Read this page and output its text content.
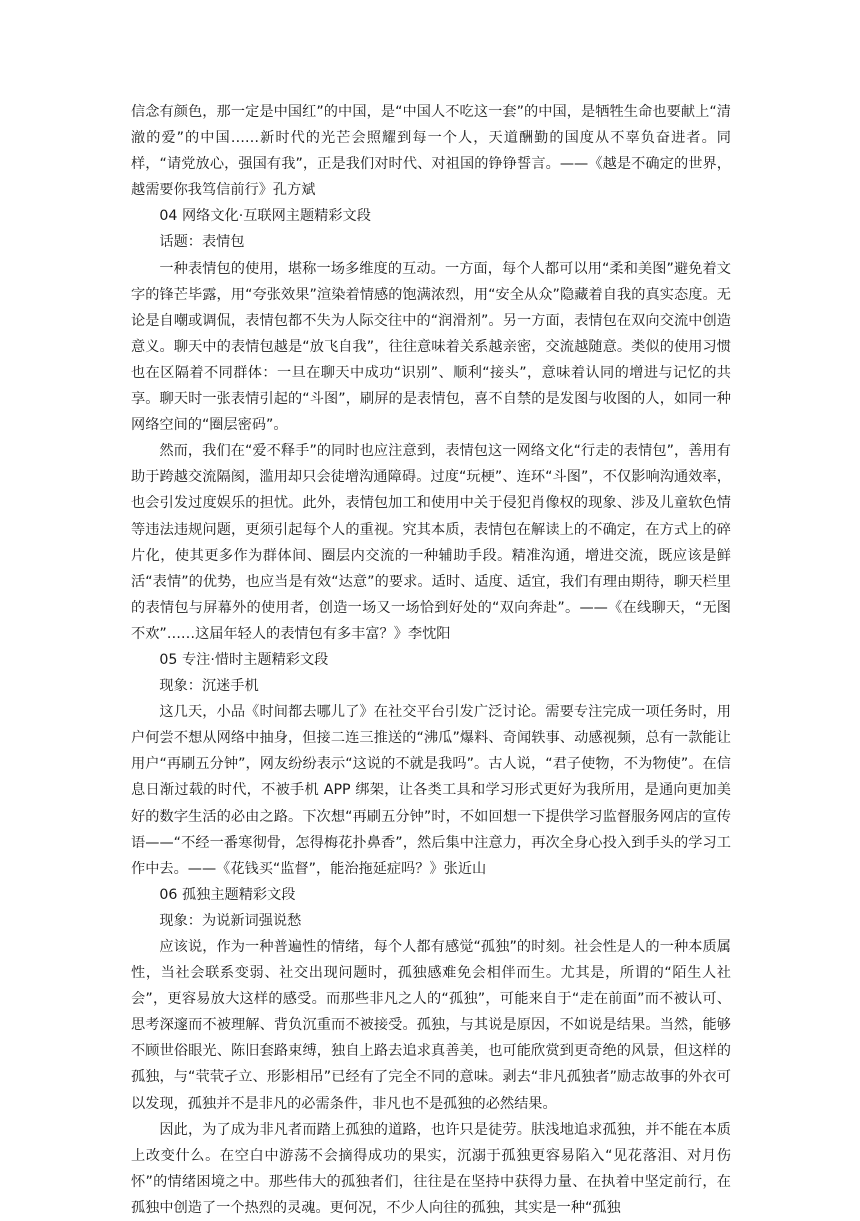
信念有颜色，那一定是中国红”的中国，是“中国人不吃这一套”的中国，是牺牲生命也要献上“清澈的爱”的中国……新时代的光芒会照耀到每一个人，天道酬勤的国度从不辜负奋进者。同样，“请党放心，强国有我”，正是我们对时代、对祖国的铮铮誓言。——《越是不确定的世界，越需要你我笃信前行》孔方斌

04 网络文化·互联网主题精彩文段

话题：表情包

一种表情包的使用，堪称一场多维度的互动。一方面，每个人都可以用“柔和美图”避免着文字的锋芒毕露，用“夸张效果”渲染着情感的饱满浓烈，用“安全从众”隐藏着自我的真实态度。无论是自嘲或调侃，表情包都不失为人际交往中的“润滑剂”。另一方面，表情包在双向交流中创造意义。聊天中的表情包越是“放飞自我”，往往意味着关系越亲密，交流越随意。类似的使用习惯也在区隔着不同群体：一旦在聊天中成功“识别”、顺利“接头”，意味着认同的增进与记忆的共享。聊天时一张表情引起的“斗图”，刷屏的是表情包，喜不自禁的是发图与收图的人，如同一种网络空间的“圈层密码”。

然而，我们在“爱不释手”的同时也应注意到，表情包这一网络文化“行走的表情包”，善用有助于跨越交流隔阂，滥用却只会徒增沟通障碍。过度“玩梗”、连环“斗图”，不仅影响沟通效率，也会引发过度娱乐的担忧。此外，表情包加工和使用中关于侵犯肖像权的现象、涉及儿童软色情等违法违规问题，更须引起每个人的重视。究其本质，表情包在解读上的不确定，在方式上的碎片化，使其更多作为群体间、圈层内交流的一种辅助手段。精准沟通，增进交流，既应该是鲜活“表情”的优势，也应当是有效“达意”的要求。适时、适度、适宜，我们有理由期待，聊天栏里的表情包与屏幕外的使用者，创造一场又一场恰到好处的“双向奔赴”。——《在线聊天，“无图不欢”……这届年轻人的表情包有多丰富？》李忱阳

05 专注·惜时主题精彩文段

现象：沉迷手机

这几天，小品《时间都去哪儿了》在社交平台引发广泛讨论。需要专注完成一项任务时，用户何尝不想从网络中抽身，但接二连三推送的“沸瓜”爆料、奇闻轶事、动感视频，总有一款能让用户“再刷五分钟”，网友纷纷表示“这说的不就是我吗”。古人说，“君子使物，不为物使”。在信息日渐过载的时代，不被手机 APP 绑架，让各类工具和学习形式更好为我所用，是通向更加美好的数字生活的必由之路。下次想“再刷五分钟”时，不如回想一下提供学习监督服务网店的宣传语——“不经一番寒彻骨，怎得梅花扑鼻香”，然后集中注意力，再次全身心投入到手头的学习工作中去。——《花钱买“监督”，能治拖延症吗？》张近山

06 孤独主题精彩文段

现象：为说新词强说愁

应该说，作为一种普遍性的情绪，每个人都有感觉“孤独”的时刻。社会性是人的一种本质属性，当社会联系变弱、社交出现问题时，孤独感难免会相伴而生。尤其是，所谓的“陌生人社会”，更容易放大这样的感受。而那些非凡之人的“孤独”，可能来自于“走在前面”而不被认可、思考深邃而不被理解、背负沉重而不被接受。孤独，与其说是原因，不如说是结果。当然，能够不顾世俗眼光、陈旧套路束缚，独自上路去追求真善美，也可能欣赏到更奇绝的风景，但这样的孤独，与“茕茕孑立、形影相吊”已经有了完全不同的意味。剥去“非凡孤独者”励志故事的外衣可以发现，孤独并不是非凡的必需条件，非凡也不是孤独的必然结果。

因此，为了成为非凡者而踏上孤独的道路，也许只是徒劳。肤浅地追求孤独，并不能在本质上改变什么。在空白中游荡不会摘得成功的果实，沉溺于孤独更容易陷入“见花落泪、对月伤怀”的情绪困境之中。那些伟大的孤独者们，往往是在坚持中获得力量、在执着中坚定前行，在孤独中创造了一个热烈的灵魂。更何况，不少人向往的孤独，其实是一种“孤独
